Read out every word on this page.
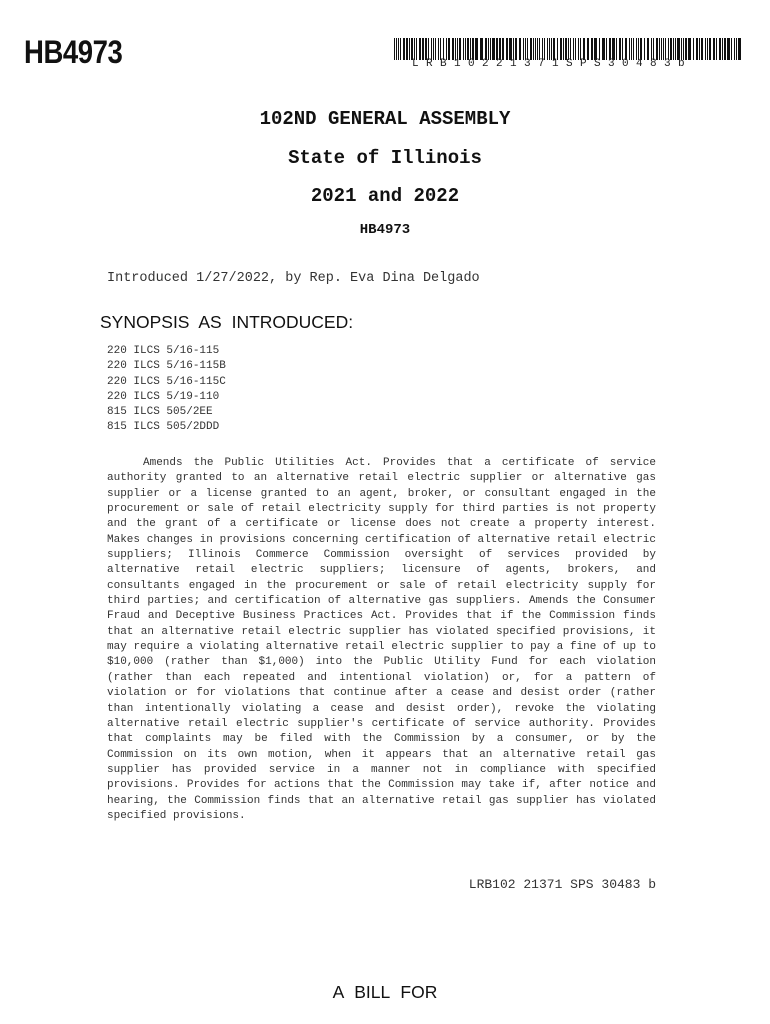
HB4973	LRB10221371SPS30483b
102ND GENERAL ASSEMBLY
State of Illinois
2021 and 2022
HB4973
Introduced 1/27/2022, by Rep. Eva Dina Delgado
SYNOPSIS AS INTRODUCED:
220 ILCS 5/16-115
220 ILCS 5/16-115B
220 ILCS 5/16-115C
220 ILCS 5/19-110
815 ILCS 505/2EE
815 ILCS 505/2DDD

Amends the Public Utilities Act. Provides that a certificate of service authority granted to an alternative retail electric supplier or alternative gas supplier or a license granted to an agent, broker, or consultant engaged in the procurement or sale of retail electricity supply for third parties is not property and the grant of a certificate or license does not create a property interest. Makes changes in provisions concerning certification of alternative retail electric suppliers; Illinois Commerce Commission oversight of services provided by alternative retail electric suppliers; licensure of agents, brokers, and consultants engaged in the procurement or sale of retail electricity supply for third parties; and certification of alternative gas suppliers. Amends the Consumer Fraud and Deceptive Business Practices Act. Provides that if the Commission finds that an alternative retail electric supplier has violated specified provisions, it may require a violating alternative retail electric supplier to pay a fine of up to $10,000 (rather than $1,000) into the Public Utility Fund for each violation (rather than each repeated and intentional violation) or, for a pattern of violation or for violations that continue after a cease and desist order (rather than intentionally violating a cease and desist order), revoke the violating alternative retail electric supplier's certificate of service authority. Provides that complaints may be filed with the Commission by a consumer, or by the Commission on its own motion, when it appears that an alternative retail gas supplier has provided service in a manner not in compliance with specified provisions. Provides for actions that the Commission may take if, after notice and hearing, the Commission finds that an alternative retail gas supplier has violated specified provisions.

LRB102 21371 SPS 30483 b
A BILL FOR
